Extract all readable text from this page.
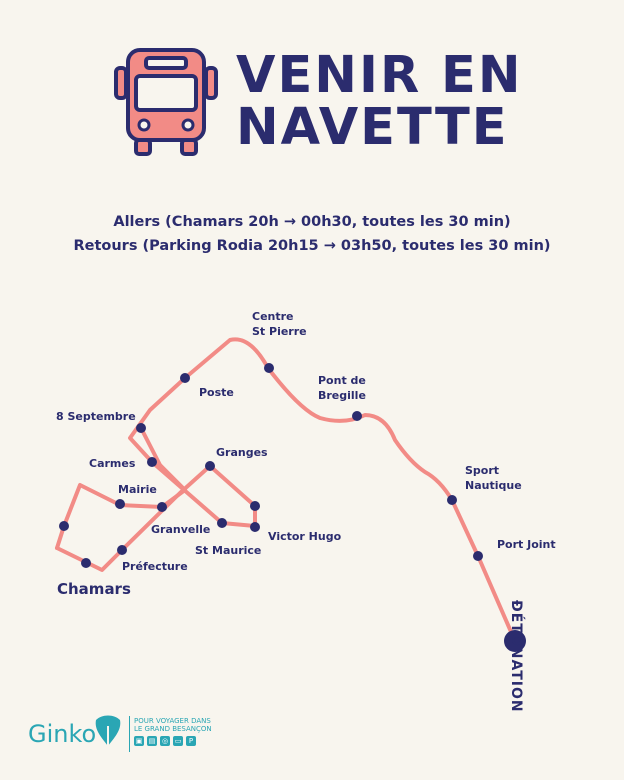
VENIR EN
NAVETTE
Allers (Chamars 20h → 00h30, toutes les 30 min)
Retours (Parking Rodia 20h15 → 03h50, toutes les 30 min)
Centre
St Pierre
Poste
Pont de
Bregille
8 Septembre
Granges
Carmes
Mairie
Granvelle
Victor Hugo
St Maurice
Préfecture
Chamars
Sport
Nautique
Port Joint
ÐÉTONATION
Ginko	POUR VOYAGER DANS
LE GRAND BESANÇON
▣ ▤ ◎ ▭	P
